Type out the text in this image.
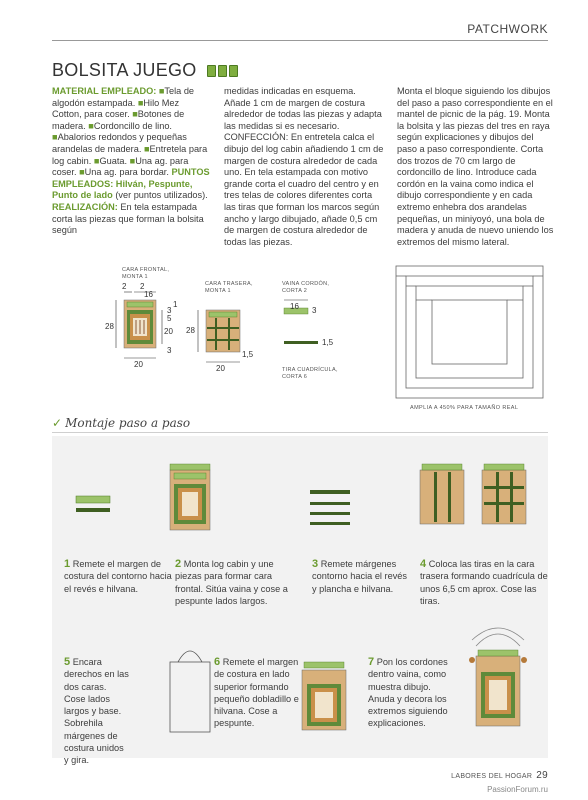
PATCHWORK
BOLSITA JUEGO
MATERIAL EMPLEADO: ■Tela de algodón estampada. ■Hilo Mez Cotton, para coser. ■Botones de madera. ■Cordoncillo de lino. ■Abalorios redondos y pequeñas arandelas de madera. ■Entretela para log cabin. ■Guata. ■Una ag. para coser. ■Una ag. para bordar. PUNTOS EMPLEADOS: Hilván, Pespunte, Punto de lado (ver puntos utilizados). REALIZACIÓN: En tela estampada corta las piezas que forman la bolsita según
medidas indicadas en esquema. Añade 1 cm de margen de costura alrededor de todas las piezas y adapta las medidas si es necesario. CONFECCIÓN: En entretela calca el dibujo del log cabin añadiendo 1 cm de margen de costura alrededor de cada uno. En tela estampada con motivo grande corta el cuadro del centro y en tres telas de colores diferentes corta las tiras que forman los marcos según ancho y largo dibujado, añade 0,5 cm de margen de costura alrededor de todas las piezas.
Monta el bloque siguiendo los dibujos del paso a paso correspondiente en el mantel de picnic de la pág. 19. Monta la bolsita y las piezas del tres en raya según explicaciones y dibujos del paso a paso correspondiente. Corta dos trozos de 70 cm largo de cordoncillo de lino. Introduce cada cordón en la vaina como indica el dibujo correspondiente y en cada extremo enhebra dos arandelas pequeñas, un miniyoyó, una bola de madera y anuda de nuevo uniendo los extremos del mismo lateral.
CARA FRONTAL, MONTA 1
CARA TRASERA, MONTA 1
VAINA CORDÓN, CORTA 2
TIRA CUADRÍCULA, CORTA 6
2 2
16
1
3
5
28
20
3
20
28
20
1,5
16 3
1,5
AMPLIA A 450% PARA TAMAÑO REAL
✓ Montaje paso a paso
1 Remete el margen de costura del contorno hacia el revés e hilvana.
2 Monta log cabin y une piezas para formar cara frontal. Sitúa vaina y cose a pespunte lados largos.
3 Remete márgenes contorno hacia el revés y plancha e hilvana.
4 Coloca las tiras en la cara trasera formando cuadrícula de unos 6,5 cm aprox. Cose las tiras.
5 Encara derechos en las dos caras. Cose lados largos y base. Sobrehila márgenes de costura unidos y gira.
6 Remete el margen de costura en lado superior formando pequeño dobladillo e hilvana. Cose a pespunte.
7 Pon los cordones dentro vaina, como muestra dibujo. Anuda y decora los extremos siguiendo explicaciones.
LABORES DEL HOGAR 29
PassionForum.ru
